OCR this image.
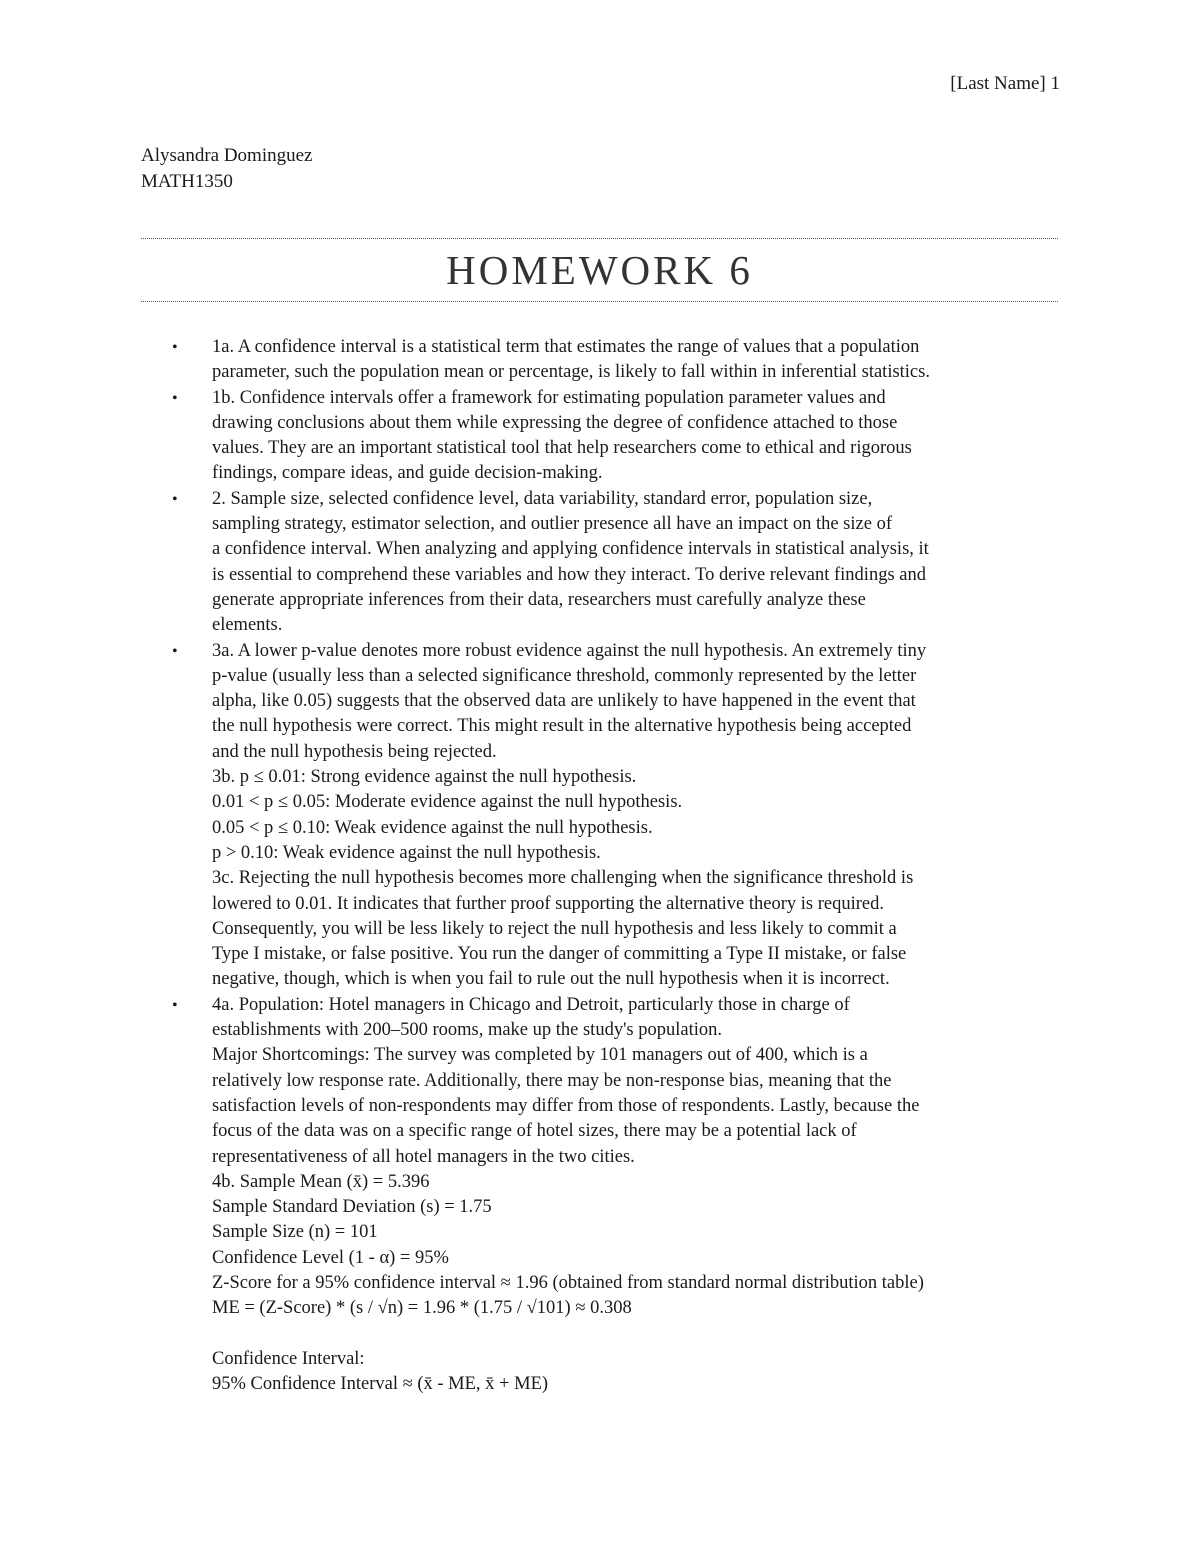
[Last Name] 1
Alysandra Dominguez
MATH1350
HOMEWORK 6
•	1a. A confidence interval is a statistical term that estimates the range of values that a population
parameter, such the population mean or percentage, is likely to fall within in inferential statistics.
•	1b. Confidence intervals offer a framework for estimating population parameter values and
drawing conclusions about them while expressing the degree of confidence attached to those
values. They are an important statistical tool that help researchers come to ethical and rigorous
findings, compare ideas, and guide decision-making.
•	2. Sample size, selected confidence level, data variability, standard error, population size,
sampling strategy, estimator selection, and outlier presence all have an impact on the size of
a confidence interval. When analyzing and applying confidence intervals in statistical analysis, it
is essential to comprehend these variables and how they interact. To derive relevant findings and
generate appropriate inferences from their data, researchers must carefully analyze these
elements.
•	3a. A lower p-value denotes more robust evidence against the null hypothesis. An extremely tiny
p-value (usually less than a selected significance threshold, commonly represented by the letter
alpha, like 0.05) suggests that the observed data are unlikely to have happened in the event that
the null hypothesis were correct. This might result in the alternative hypothesis being accepted
and the null hypothesis being rejected.
3b. p ≤ 0.01: Strong evidence against the null hypothesis.
0.01 < p ≤ 0.05: Moderate evidence against the null hypothesis.
0.05 < p ≤ 0.10: Weak evidence against the null hypothesis.
p > 0.10: Weak evidence against the null hypothesis.
3c. Rejecting the null hypothesis becomes more challenging when the significance threshold is
lowered to 0.01. It indicates that further proof supporting the alternative theory is required.
Consequently, you will be less likely to reject the null hypothesis and less likely to commit a
Type I mistake, or false positive. You run the danger of committing a Type II mistake, or false
negative, though, which is when you fail to rule out the null hypothesis when it is incorrect.
•	4a. Population: Hotel managers in Chicago and Detroit, particularly those in charge of
establishments with 200–500 rooms, make up the study's population.
Major Shortcomings: The survey was completed by 101 managers out of 400, which is a
relatively low response rate. Additionally, there may be non-response bias, meaning that the
satisfaction levels of non-respondents may differ from those of respondents. Lastly, because the
focus of the data was on a specific range of hotel sizes, there may be a potential lack of
representativeness of all hotel managers in the two cities.
4b. Sample Mean (x̄) = 5.396
Sample Standard Deviation (s) = 1.75
Sample Size (n) = 101
Confidence Level (1 - α) = 95%
Z-Score for a 95% confidence interval ≈ 1.96 (obtained from standard normal distribution table)
ME = (Z-Score) * (s / √n) = 1.96 * (1.75 / √101) ≈ 0.308
Confidence Interval:
95% Confidence Interval ≈ (x̄ - ME, x̄ + ME)
